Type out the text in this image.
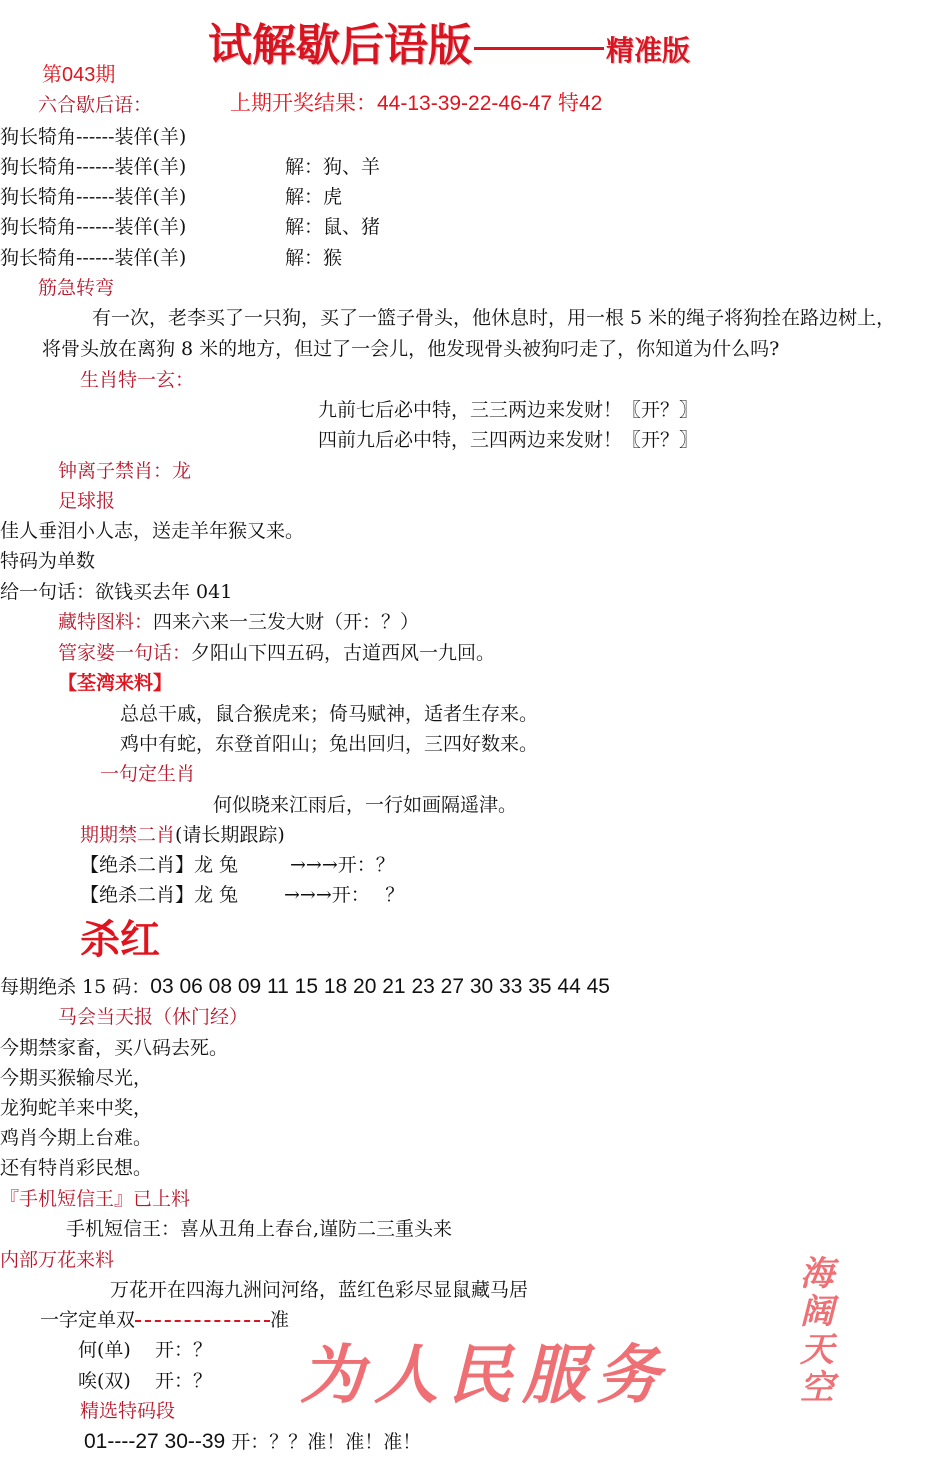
为人民服务
海阔天空
试解歇后语版	精准版
第043期
六合歇后语：	上期开奖结果：44-13-39-22-46-47 特42
狗长犄角------装佯(羊)
狗长犄角------装佯(羊)	解：狗、羊
狗长犄角------装佯(羊)	解：虎
狗长犄角------装佯(羊)	解：鼠、猪
狗长犄角------装佯(羊)	解：猴
筋急转弯
有一次，老李买了一只狗，买了一篮子骨头，他休息时，用一根 5 米的绳子将狗拴在路边树上，
将骨头放在离狗 8 米的地方，但过了一会儿，他发现骨头被狗叼走了，你知道为什么吗?
生肖特一玄：
九前七后必中特，三三两边来发财！〖开？〗
四前九后必中特，三四两边来发财！〖开？〗
钟离子禁肖：龙
足球报
佳人垂泪小人志，送走羊年猴又来。
特码为单数
给一句话：欲钱买去年 041
藏特图料：四来六来一三发大财（开：？）
管家婆一句话：夕阳山下四五码，古道西风一九回。
【荃湾来料】
总总干戚，鼠合猴虎来；倚马赋神，适者生存来。
鸡中有蛇，东登首阳山；兔出回归，三四好数来。
一句定生肖
何似晓来江雨后，一行如画隔遥津。
期期禁二肖(请长期跟踪)
【绝杀二肖】龙 兔	→→→开：？
【绝杀二肖】龙 兔 →→→开：　 ？
杀红
每期绝杀 15 码：03 06 08 09 11 15 18 20 21 23 27 30 33 35 44 45
马会当天报（休门经）
今期禁家畜，买八码去死。
今期买猴输尽光，
龙狗蛇羊来中奖，
鸡肖今期上台难。
还有特肖彩民想。
『手机短信王』已上料
手机短信王：喜从丑角上春台,谨防二三重头来
内部万花来料
万花开在四海九洲问河络，蓝红色彩尽显鼠藏马居
一字定单双	准
何(单) 开：？
唉(双) 开：？
精选特码段
01----27 30--39 开：？？准！准！准！
